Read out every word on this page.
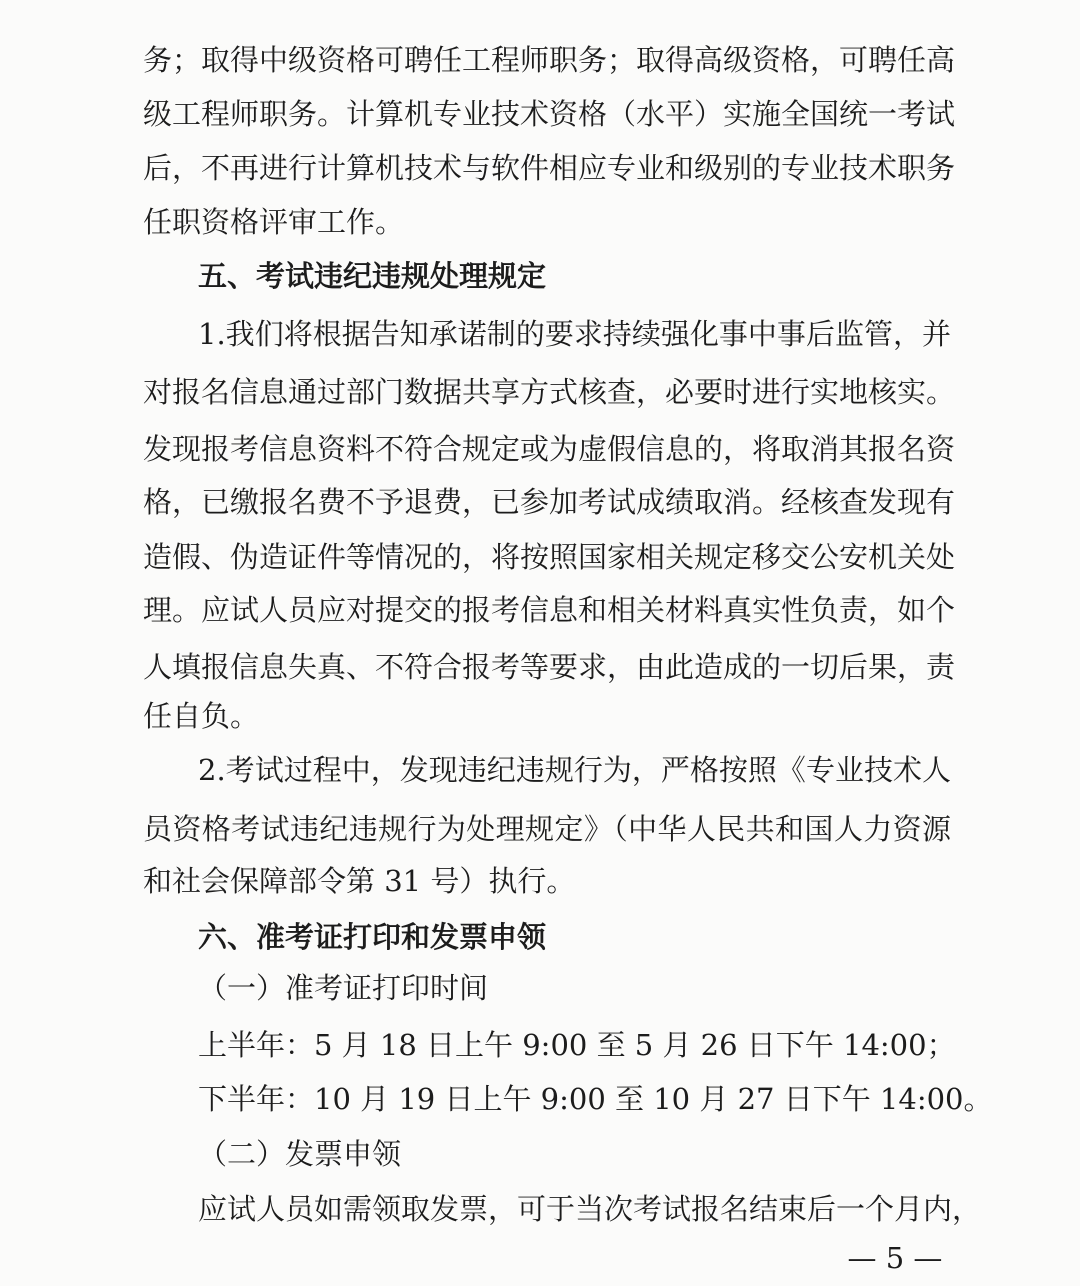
务；取得中级资格可聘任工程师职务；取得高级资格，可聘任高
级工程师职务。计算机专业技术资格（水平）实施全国统一考试
后，不再进行计算机技术与软件相应专业和级别的专业技术职务
任职资格评审工作。
五、考试违纪违规处理规定
1.我们将根据告知承诺制的要求持续强化事中事后监管，并
对报名信息通过部门数据共享方式核查，必要时进行实地核实。
发现报考信息资料不符合规定或为虚假信息的，将取消其报名资
格，已缴报名费不予退费，已参加考试成绩取消。经核查发现有
造假、伪造证件等情况的，将按照国家相关规定移交公安机关处
理。应试人员应对提交的报考信息和相关材料真实性负责，如个
人填报信息失真、不符合报考等要求，由此造成的一切后果，责
任自负。
2.考试过程中，发现违纪违规行为，严格按照《专业技术人
员资格考试违纪违规行为处理规定》（中华人民共和国人力资源
和社会保障部令第 31 号）执行。
六、准考证打印和发票申领
（一）准考证打印时间
上半年：5 月 18 日上午 9:00 至 5 月 26 日下午 14:00；
下半年：10 月 19 日上午 9:00 至 10 月 27 日下午 14:00。
（二）发票申领
应试人员如需领取发票，可于当次考试报名结束后一个月内，
— 5 —
